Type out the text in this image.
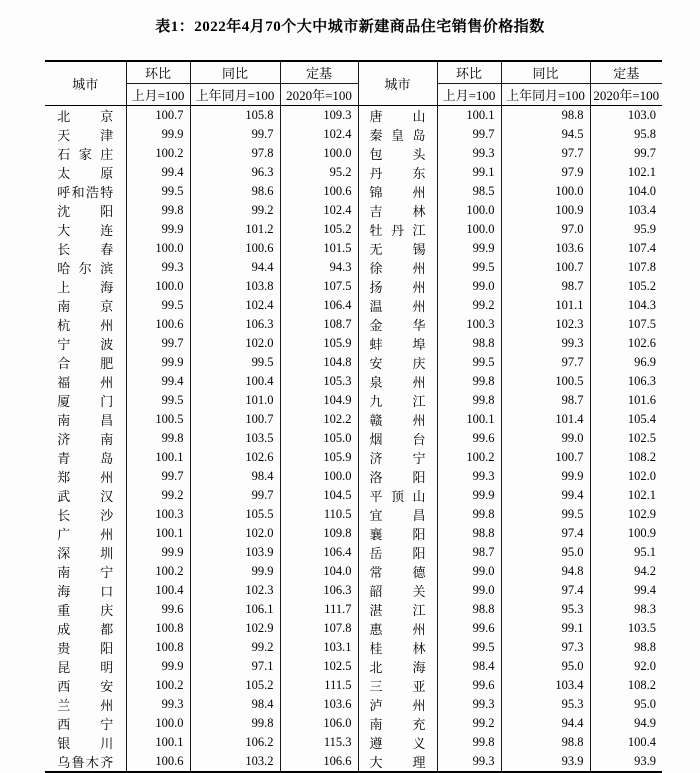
表1：2022年4月70个大中城市新建商品住宅销售价格指数
城市	环比	同比	定基	城市	环比	同比	定基
	上月=100	上年同月=100	2020年=100		上月=100	上年同月=100	2020年=100
北京	100.7	105.8	109.3	唐山	100.1	98.8	103.0
天津	99.9	99.7	102.4	秦皇岛	99.7	94.5	95.8
石家庄	100.2	97.8	100.0	包头	99.3	97.7	99.7
太原	99.4	96.3	95.2	丹东	99.1	97.9	102.1
呼和浩特	99.5	98.6	100.6	锦州	98.5	100.0	104.0
沈阳	99.8	99.2	102.4	吉林	100.0	100.9	103.4
大连	99.9	101.2	105.2	牡丹江	100.0	97.0	95.9
长春	100.0	100.6	101.5	无锡	99.9	103.6	107.4
哈尔滨	99.3	94.4	94.3	徐州	99.5	100.7	107.8
上海	100.0	103.8	107.5	扬州	99.0	98.7	105.2
南京	99.5	102.4	106.4	温州	99.2	101.1	104.3
杭州	100.6	106.3	108.7	金华	100.3	102.3	107.5
宁波	99.7	102.0	105.9	蚌埠	98.8	99.3	102.6
合肥	99.9	99.5	104.8	安庆	99.5	97.7	96.9
福州	99.4	100.4	105.3	泉州	99.8	100.5	106.3
厦门	99.5	101.0	104.9	九江	99.8	98.7	101.6
南昌	100.5	100.7	102.2	赣州	100.1	101.4	105.4
济南	99.8	103.5	105.0	烟台	99.6	99.0	102.5
青岛	100.1	102.6	105.9	济宁	100.2	100.7	108.2
郑州	99.7	98.4	100.0	洛阳	99.3	99.9	102.0
武汉	99.2	99.7	104.5	平顶山	99.9	99.4	102.1
长沙	100.3	105.5	110.5	宜昌	99.8	99.5	102.9
广州	100.1	102.0	109.8	襄阳	98.8	97.4	100.9
深圳	99.9	103.9	106.4	岳阳	98.7	95.0	95.1
南宁	100.2	99.9	104.0	常德	99.0	94.8	94.2
海口	100.4	102.3	106.3	韶关	99.0	97.4	99.4
重庆	99.6	106.1	111.7	湛江	98.8	95.3	98.3
成都	100.8	102.9	107.8	惠州	99.6	99.1	103.5
贵阳	100.8	99.2	103.1	桂林	99.5	97.3	98.8
昆明	99.9	97.1	102.5	北海	98.4	95.0	92.0
西安	100.2	105.2	111.5	三亚	99.6	103.4	108.2
兰州	99.3	98.4	103.6	泸州	99.3	95.3	95.0
西宁	100.0	99.8	106.0	南充	99.2	94.4	94.9
银川	100.1	106.2	115.3	遵义	99.8	98.8	100.4
乌鲁木齐	100.6	103.2	106.6	大理	99.3	93.9	93.9
